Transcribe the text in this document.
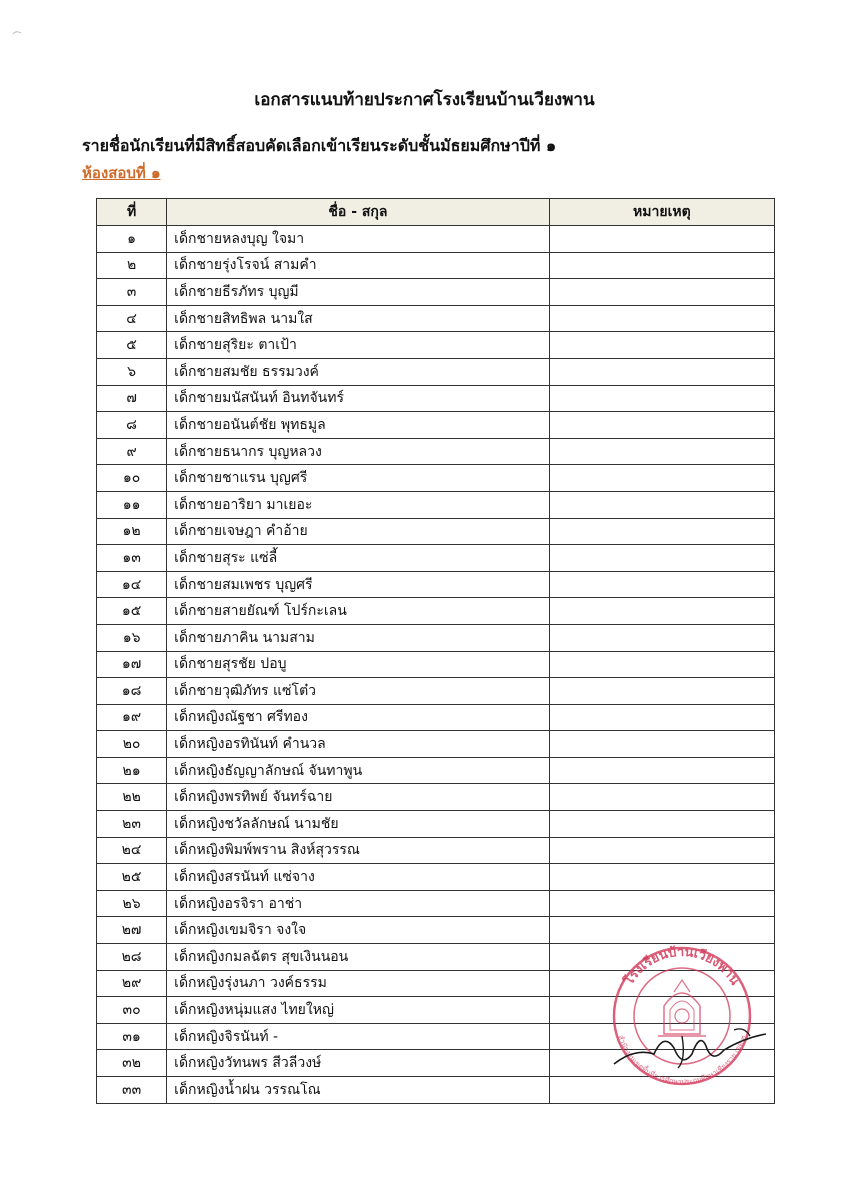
เอกสารแนบท้ายประกาศโรงเรียนบ้านเวียงพาน
รายชื่อนักเรียนที่มีสิทธิ์สอบคัดเลือกเข้าเรียนระดับชั้นมัธยมศึกษาปีที่ ๑
ห้องสอบที่ ๑
ที่	ชื่อ - สกุล	หมายเหตุ
๑	เด็กชายหลงบุญ ใจมา	
๒	เด็กชายรุ่งโรจน์ สามคำ	
๓	เด็กชายธีรภัทร บุญมี	
๔	เด็กชายสิทธิพล นามใส	
๕	เด็กชายสุริยะ ตาเป้า	
๖	เด็กชายสมชัย ธรรมวงค์	
๗	เด็กชายมนัสนันท์ อินทจันทร์	
๘	เด็กชายอนันต์ชัย พุทธมูล	
๙	เด็กชายธนากร บุญหลวง	
๑๐	เด็กชายชาแรน บุญศรี	
๑๑	เด็กชายอาริยา มาเยอะ	
๑๒	เด็กชายเจษฎา คำอ้าย	
๑๓	เด็กชายสุระ แซ่ลี้	
๑๔	เด็กชายสมเพชร บุญศรี	
๑๕	เด็กชายสายยัณฑ์ โปร์กะเลน	
๑๖	เด็กชายภาคิน นามสาม	
๑๗	เด็กชายสุรชัย ปอบู	
๑๘	เด็กชายวุฒิภัทร แซ่โต๋ว	
๑๙	เด็กหญิงณัฐชา ศรีทอง	
๒๐	เด็กหญิงอรทินันท์ คำนวล	
๒๑	เด็กหญิงธัญญาลักษณ์ จันทาพูน	
๒๒	เด็กหญิงพรทิพย์ จันทร์ฉาย	
๒๓	เด็กหญิงชวัลลักษณ์ นามชัย	
๒๔	เด็กหญิงพิมพ์พราน สิงห์สุวรรณ	
๒๕	เด็กหญิงสรนันท์ แซ่จาง	
๒๖	เด็กหญิงอรจิรา อาช่า	
๒๗	เด็กหญิงเขมจิรา จงใจ	
๒๘	เด็กหญิงกมลฉัตร สุขเงินนอน	
๒๙	เด็กหญิงรุ่งนภา วงค์ธรรม	
๓๐	เด็กหญิงหนุ่มแสง ไทยใหญ่	
๓๑	เด็กหญิงจิรนันท์ -	
๓๒	เด็กหญิงวัทนพร สีวลีวงษ์	
๓๓	เด็กหญิงน้ำฝน วรรณโณ	
โรงเรียนบ้านเวียงพาน
สำนักงานเขตพื้นที่การศึกษาประถมศึกษาเชียงราย เขต ๓
